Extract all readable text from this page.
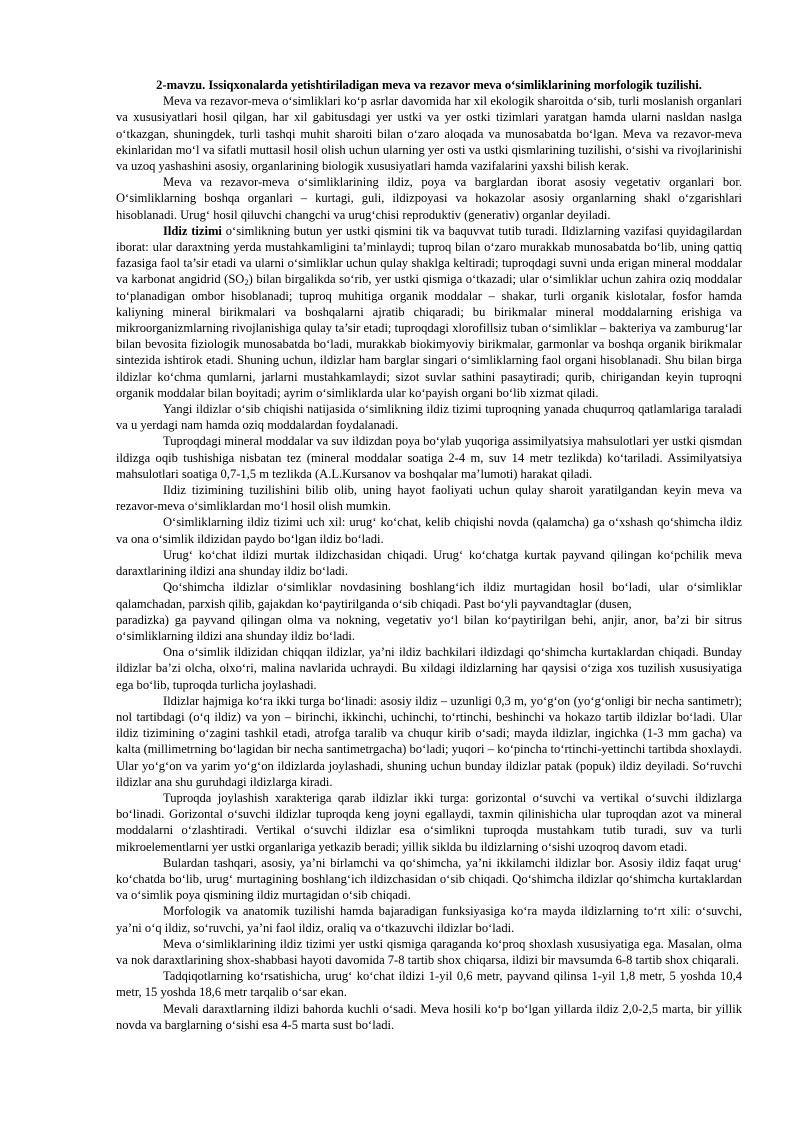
2-mavzu. Issiqxonalarda yetishtiriladigan meva va rezavor meva o‘simliklarining morfologik tuzilishi.

Meva va rezavor-meva o‘simliklari ko‘p asrlar davomida har xil ekologik sharoitda o‘sib, turli moslanish organlari va xususiyatlari hosil qilgan, har xil gabitusdagi yer ustki va yer ostki tizimlari yaratgan hamda ularni nasldan naslga o‘tkazgan, shuningdek, turli tashqi muhit sharoiti bilan o‘zaro aloqada va munosabatda bo‘lgan. Meva va rezavor-meva ekinlaridan mo‘l va sifatli muttasil hosil olish uchun ularning yer osti va ustki qismlarining tuzilishi, o‘sishi va rivojlarinishi va uzoq yashashini asosiy, organlarining biologik xususiyatlari hamda vazifalarini yaxshi bilish kerak.

Meva va rezavor-meva o‘simliklarining ildiz, poya va barglardan iborat asosiy vegetativ organlari bor. O‘simliklarning boshqa organlari – kurtagi, guli, ildizpoyasi va hokazolar asosiy organlarning shakl o‘zgarishlari hisoblanadi. Urug‘ hosil qiluvchi changchi va urug‘chisi reproduktiv (generativ) organlar deyiladi.

Ildiz tizimi o‘simlikning butun yer ustki qismini tik va baquvvat tutib turadi. Ildizlarning vazifasi quyidagilardan iborat: ular daraxtning yerda mustahkamligini ta’minlaydi; tuproq bilan o‘zaro murakkab munosabatda bo‘lib, uning qattiq fazasiga faol ta’sir etadi va ularni o‘simliklar uchun qulay shaklga keltiradi; tuproqdagi suvni unda erigan mineral moddalar va karbonat angidrid $(SO_2)$ bilan birgalikda so‘rib, yer ustki qismiga o‘tkazadi; ular o‘simliklar uchun zahira oziq moddalar to‘planadigan ombor hisoblanadi; tuproq muhitiga organik moddalar – shakar, turli organik kislotalar, fosfor hamda kaliyning mineral birikmalari va boshqalarni ajratib chiqaradi; bu birikmalar mineral moddalarning erishiga va mikroorganizmlarning rivojlanishiga qulay ta’sir etadi; tuproqdagi xlorofillsiz tuban o‘simliklar – bakteriya va zamburug‘lar bilan bevosita fiziologik munosabatda bo‘ladi, murakkab biokimyoviy birikmalar, garmonlar va boshqa organik birikmalar sintezida ishtirok etadi. Shuning uchun, ildizlar ham barglar singari o‘simliklarning faol organi hisoblanadi. Shu bilan birga ildizlar ko‘chma qumlarni, jarlarni mustahkamlaydi; sizot suvlar sathini pasaytiradi; qurib, chirigandan keyin tuproqni organik moddalar bilan boyitadi; ayrim o‘simliklarda ular ko‘payish organi bo‘lib xizmat qiladi.

Yangi ildizlar o‘sib chiqishi natijasida o‘simlikning ildiz tizimi tuproqning yanada chuqurroq qatlamlariga taraladi va u yerdagi nam hamda oziq moddalardan foydalanadi.

Tuproqdagi mineral moddalar va suv ildizdan poya bo‘ylab yuqoriga assimilyatsiya mahsulotlari yer ustki qismdan ildizga oqib tushishiga nisbatan tez (mineral moddalar soatiga 2-4 m, suv 14 metr tezlikda) ko‘tariladi. Assimilyatsiya mahsulotlari soatiga 0,7-1,5 m tezlikda (A.L.Kursanov va boshqalar ma’lumoti) harakat qiladi.

Ildiz tizimining tuzilishini bilib olib, uning hayot faoliyati uchun qulay sharoit yaratilgandan keyin meva va rezavor-meva o‘simliklardan mo‘l hosil olish mumkin.

O‘simliklarning ildiz tizimi uch xil: urug‘ ko‘chat, kelib chiqishi novda (qalamcha) ga o‘xshash qo‘shimcha ildiz va ona o‘simlik ildizidan paydo bo‘lgan ildiz bo‘ladi.

Urug‘ ko‘chat ildizi murtak ildizchasidan chiqadi. Urug‘ ko‘chatga kurtak payvand qilingan ko‘pchilik meva daraxtlarining ildizi ana shunday ildiz bo‘ladi.

Qo‘shimcha ildizlar o‘simliklar novdasining boshlang‘ich ildiz murtagidan hosil bo‘ladi, ular o‘simliklar qalamchadan, parxish qilib, gajakdan ko‘paytirilganda o‘sib chiqadi. Past bo‘yli payvandtaglar (dusen,

paradizka) ga payvand qilingan olma va nokning, vegetativ yo‘l bilan ko‘paytirilgan behi, anjir, anor, ba’zi bir sitrus o‘simliklarning ildizi ana shunday ildiz bo‘ladi.

Ona o‘simlik ildizidan chiqqan ildizlar, ya’ni ildiz bachkilari ildizdagi qo‘shimcha kurtaklardan chiqadi. Bunday ildizlar ba’zi olcha, olxo‘ri, malina navlarida uchraydi. Bu xildagi ildizlarning har qaysisi o‘ziga xos tuzilish xususiyatiga ega bo‘lib, tuproqda turlicha joylashadi.

Ildizlar hajmiga ko‘ra ikki turga bo‘linadi: asosiy ildiz – uzunligi 0,3 m, yo‘g‘on (yo‘g‘onligi bir necha santimetr); nol tartibdagi (o‘q ildiz) va yon – birinchi, ikkinchi, uchinchi, to‘rtinchi, beshinchi va hokazo tartib ildizlar bo‘ladi. Ular ildiz tizimining o‘zagini tashkil etadi, atrofga taralib va chuqur kirib o‘sadi; mayda ildizlar, ingichka (1-3 mm gacha) va kalta (millimetrning bo‘lagidan bir necha santimetrgacha) bo‘ladi; yuqori – ko‘pincha to‘rtinchi-yettinchi tartibda shoxlaydi. Ular yo‘g‘on va yarim yo‘g‘on ildizlarda joylashadi, shuning uchun bunday ildizlar patak (popuk) ildiz deyiladi. So‘ruvchi ildizlar ana shu guruhdagi ildizlarga kiradi.

Tuproqda joylashish xarakteriga qarab ildizlar ikki turga: gorizontal o‘suvchi va vertikal o‘suvchi ildizlarga bo‘linadi. Gorizontal o‘suvchi ildizlar tuproqda keng joyni egallaydi, taxmin qilinishicha ular tuproqdan azot va mineral moddalarni o‘zlashtiradi. Vertikal o‘suvchi ildizlar esa o‘simlikni tuproqda mustahkam tutib turadi, suv va turli mikroelementlarni yer ustki organlariga yetkazib beradi; yillik siklda bu ildizlarning o‘sishi uzoqroq davom etadi.

Bulardan tashqari, asosiy, ya’ni birlamchi va qo‘shimcha, ya’ni ikkilamchi ildizlar bor. Asosiy ildiz faqat urug‘ ko‘chatda bo‘lib, urug‘ murtagining boshlang‘ich ildizchasidan o‘sib chiqadi. Qo‘shimcha ildizlar qo‘shimcha kurtaklardan va o‘simlik poya qismining ildiz murtagidan o‘sib chiqadi.

Morfologik va anatomik tuzilishi hamda bajaradigan funksiyasiga ko‘ra mayda ildizlarning to‘rt xili: o‘suvchi, ya’ni o‘q ildiz, so‘ruvchi, ya’ni faol ildiz, oraliq va o‘tkazuvchi ildizlar bo‘ladi.

Meva o‘simliklarining ildiz tizimi yer ustki qismiga qaraganda ko‘proq shoxlash xususiyatiga ega. Masalan, olma va nok daraxtlarining shox-shabbasi hayoti davomida 7-8 tartib shox chiqarsa, ildizi bir mavsumda 6-8 tartib shox chiqarali.

Tadqiqotlarning ko‘rsatishicha, urug‘ ko‘chat ildizi 1-yil 0,6 metr, payvand qilinsa 1-yil 1,8 metr, 5 yoshda 10,4 metr, 15 yoshda 18,6 metr tarqalib o‘sar ekan.

Mevali daraxtlarning ildizi bahorda kuchli o‘sadi. Meva hosili ko‘p bo‘lgan yillarda ildiz 2,0-2,5 marta, bir yillik novda va barglarning o‘sishi esa 4-5 marta sust bo‘ladi.
